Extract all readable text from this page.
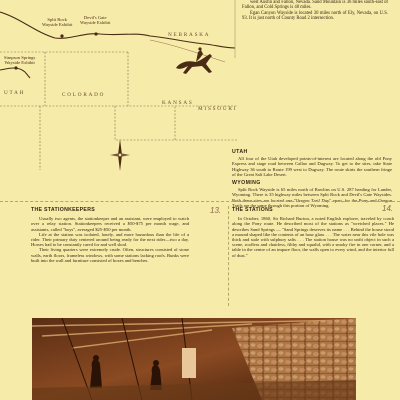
Split Rock
Wayside Exhibit
Devil's Gate
Wayside Exhibit
Simpson Springs
Wayside Exhibit
NEBRASKA
UTAH	COLORADO
KANSAS
MISSOURI

west Austin and Fallon, Nevada. Sand Mountain is 36 miles south-east of Fallon, and Cold Springs is 48 miles.

Egan Canyon Wayside is located 30 miles north of Ely, Nevada, on U.S. 93. It is just north of County Road 2 intersection.

UTAH

All four of the Utah developed points-of-interest are located along the old Pony Express and stage road between Callao and Dugway. To get to the sites, take State Highway 36 south to Route 199 west to Dugway. The route skirts the southern fringe of the Great Salt Lake Desert.

WYOMING

Split Rock Wayside is 65 miles north of Rawlins on U.S. 287 heading for Lander, Wyoming. There is 35 highway miles between Split Rock and Devil's Gate Waysides. Both these sites are located one "Oregon Trail Day" apart, for the Pony and Oregon Trails are the same through this portion of Wyoming.

13.	14.
THE STATIONKEEPERS

Usually two agents, the stationkeeper and an assistant, were employed to watch over a relay station. Stationkeepers received a $50-$75 per month wage, and assistants, called "boys", averaged $25-$50 per month.

Life at the station was isolated, lonely, and more hazardous than the life of a rider. Their primary duty centered around being ready for the next rider—two a day. Horses had to be constantly cared for and well shod.

Their living quarters were extremely crude. Often, structures consisted of stone walls, earth floors, frameless windows, with some stations lacking roofs. Bunks were built into the wall and furniture consisted of boxes and benches.

THE STATIONS

In October, 1860, Sir Richard Burton, a noted English explorer, traveled by coach along the Pony route. He described most of the stations as "wretched places." He describes Sand Springs — "Sand Springs deserves its name . . . Behind the house stood a mound shaped like the contents of an hour glass . . . The water near this vile hole was thick and stale with sulphury salts . . . The station house was no unfit object in such a scene, roofless and chairless, filthy and squalid, with a smoky fire in one corner, and a table in the centre of an impure floor, the walls open to every wind, and the interior full of dust."
